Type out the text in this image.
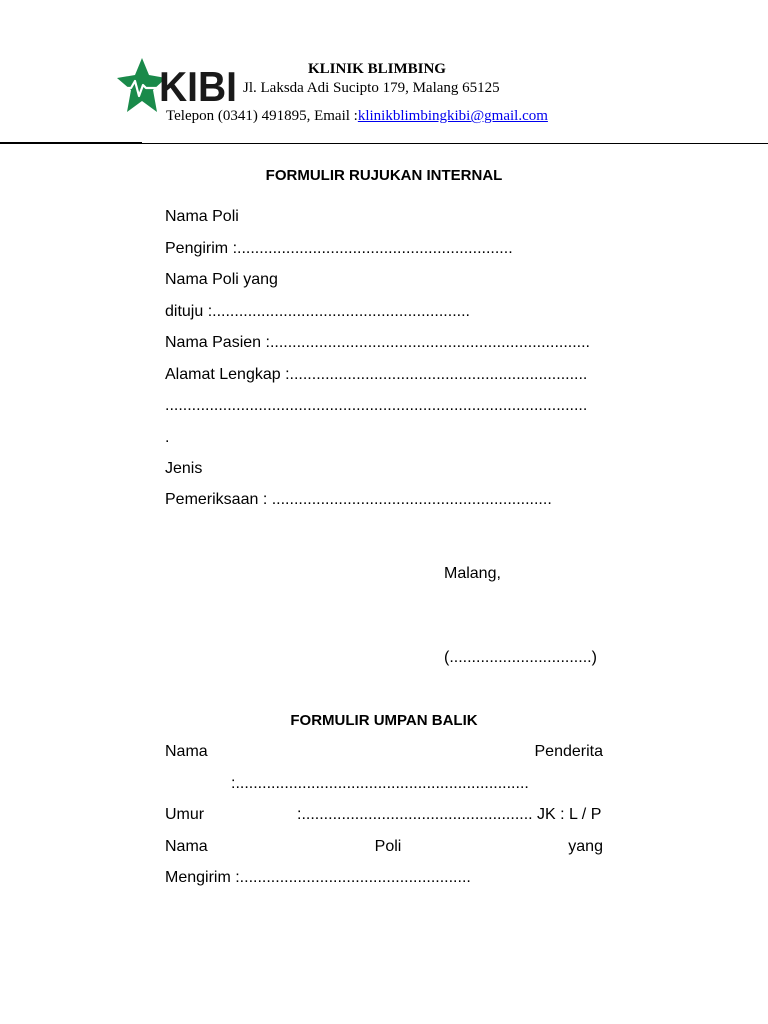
KIBI	KLINIK BLIMBING
Jl. Laksda Adi Sucipto 179, Malang 65125
Telepon (0341) 491895, Email :klinikblimbingkibi@gmail.com
FORMULIR RUJUKAN INTERNAL
Nama Poli
Pengirim :..............................................................
Nama Poli yang
dituju :..........................................................
Nama Pasien :........................................................................
Alamat Lengkap :...................................................................
...............................................................................................
.
Jenis
Pemeriksaan : ...............................................................
Malang,
(................................)
FORMULIR UMPAN BALIK
Nama	Penderita
:..................................................................
Umur	:.................................................... JK : L / P
Nama	Poli	yang
Mengirim :....................................................
